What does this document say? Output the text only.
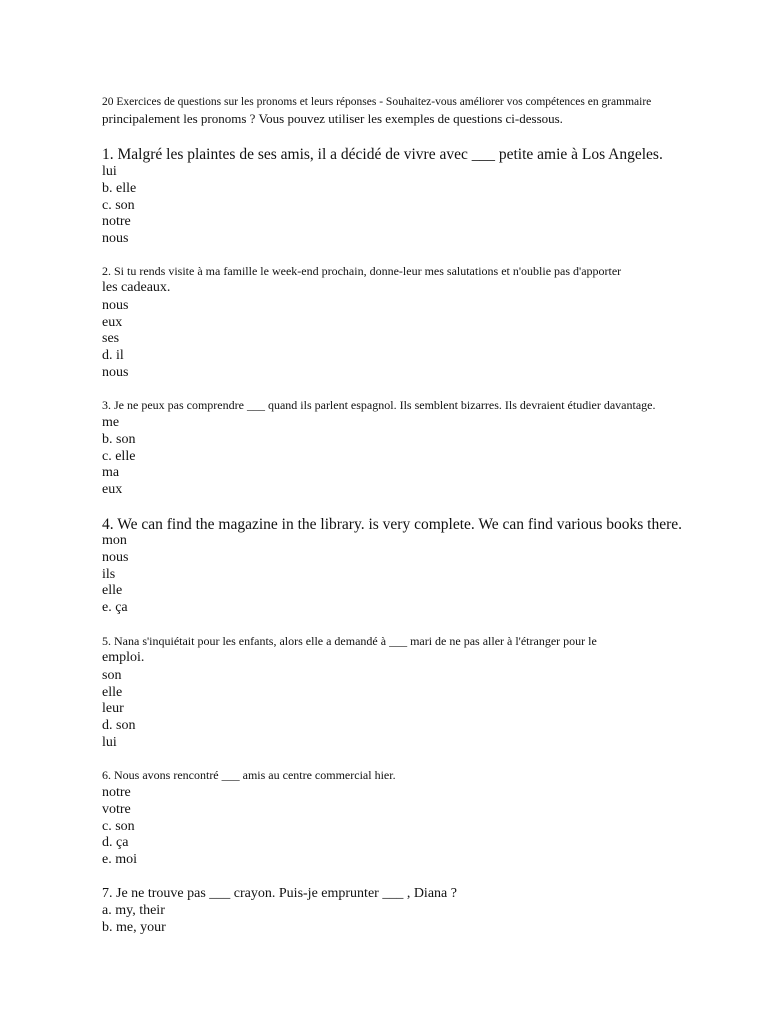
20 Exercices de questions sur les pronoms et leurs réponses - Souhaitez-vous améliorer vos compétences en grammaire
principalement les pronoms ? Vous pouvez utiliser les exemples de questions ci-dessous.
1. Malgré les plaintes de ses amis, il a décidé de vivre avec ___ petite amie à Los Angeles.
lui
b. elle
c. son
notre
nous
2. Si tu rends visite à ma famille le week-end prochain, donne-leur mes salutations et n'oublie pas d'apporter
les cadeaux.
nous
eux
ses
d. il
nous
3. Je ne peux pas comprendre ___ quand ils parlent espagnol. Ils semblent bizarres. Ils devraient étudier davantage.
me
b. son
c. elle
ma
eux
4. We can find the magazine in the library. is very complete. We can find various books there.
mon
nous
ils
elle
e. ça
5. Nana s'inquiétait pour les enfants, alors elle a demandé à ___ mari de ne pas aller à l'étranger pour le
emploi.
son
elle
leur
d. son
lui
6. Nous avons rencontré ___ amis au centre commercial hier.
notre
votre
c. son
d. ça
e. moi
7. Je ne trouve pas ___ crayon. Puis-je emprunter ___ , Diana ?
a. my, their
b. me, your
